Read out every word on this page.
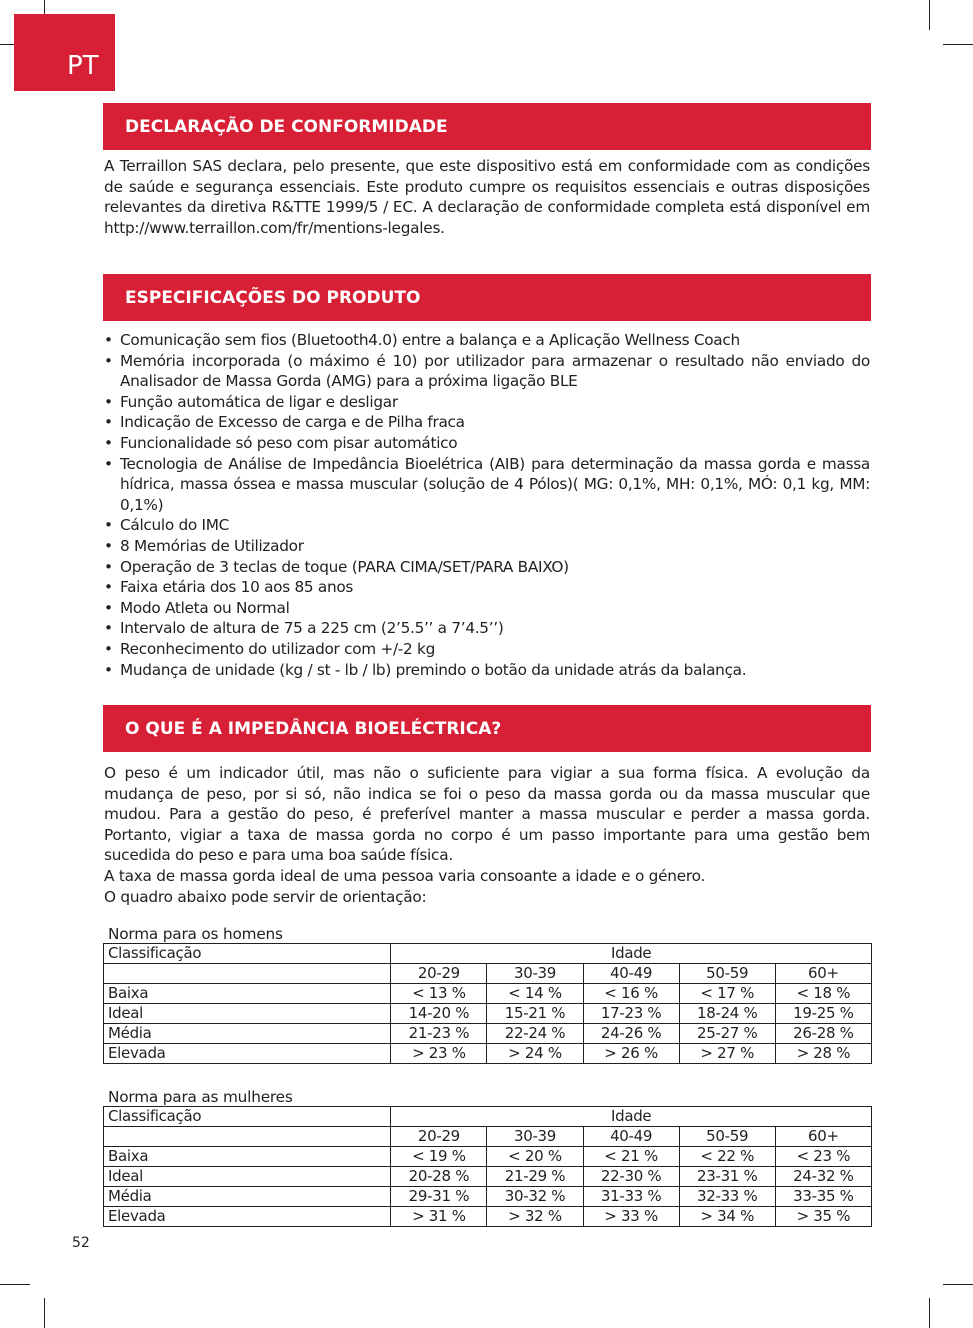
PT
DECLARAÇÃO DE CONFORMIDADE

A Terraillon SAS declara, pelo presente, que este dispositivo está em conformidade com as condições de saúde e segurança essenciais. Este produto cumpre os requisitos essenciais e outras disposições relevantes da diretiva R&TTE 1999/5 / EC. A declaração de conformidade completa está disponível em http://www.terraillon.com/fr/mentions-legales.

ESPECIFICAÇÕES DO PRODUTO
• Comunicação sem fios (Bluetooth4.0) entre a balança e a Aplicação Wellness Coach
• Memória incorporada (o máximo é 10) por utilizador para armazenar o resultado não enviado do Analisador de Massa Gorda (AMG) para a próxima ligação BLE
• Função automática de ligar e desligar
• Indicação de Excesso de carga e de Pilha fraca
• Funcionalidade só peso com pisar automático
• Tecnologia de Análise de Impedância Bioelétrica (AIB) para determinação da massa gorda e massa hídrica, massa óssea e massa muscular (solução de 4 Pólos)( MG: 0,1%, MH: 0,1%, MÓ: 0,1 kg, MM: 0,1%)
• Cálculo do IMC
• 8 Memórias de Utilizador
• Operação de 3 teclas de toque (PARA CIMA/SET/PARA BAIXO)
• Faixa etária dos 10 aos 85 anos
• Modo Atleta ou Normal
• Intervalo de altura de 75 a 225 cm (2’5.5’’ a 7’4.5’’)
• Reconhecimento do utilizador com +/-2 kg
• Mudança de unidade (kg / st - lb / lb) premindo o botão da unidade atrás da balança.
O QUE É A IMPEDÂNCIA BIOELÉCTRICA?

O peso é um indicador útil, mas não o suficiente para vigiar a sua forma física. A evolução da mudança de peso, por si só, não indica se foi o peso da massa gorda ou da massa muscular que mudou. Para a gestão do peso, é preferível manter a massa muscular e perder a massa gorda. Portanto, vigiar a taxa de massa gorda no corpo é um passo importante para uma gestão bem sucedida do peso e para uma boa saúde física.

A taxa de massa gorda ideal de uma pessoa varia consoante a idade e o género.

O quadro abaixo pode servir de orientação:

Norma para os homens
Classificação	Idade				
	20-29	30-39	40-49	50-59	60+
Baixa	< 13 %	< 14 %	< 16 %	< 17 %	< 18 %
Ideal	14-20 %	15-21 %	17-23 %	18-24 %	19-25 %
Média	21-23 %	22-24 %	24-26 %	25-27 %	26-28 %
Elevada	> 23 %	> 24 %	> 26 %	> 27 %	> 28 %
Norma para as mulheres
Classificação	Idade				
	20-29	30-39	40-49	50-59	60+
Baixa	< 19 %	< 20 %	< 21 %	< 22 %	< 23 %
Ideal	20-28 %	21-29 %	22-30 %	23-31 %	24-32 %
Média	29-31 %	30-32 %	31-33 %	32-33 %	33-35 %
Elevada	> 31 %	> 32 %	> 33 %	> 34 %	> 35 %
52
